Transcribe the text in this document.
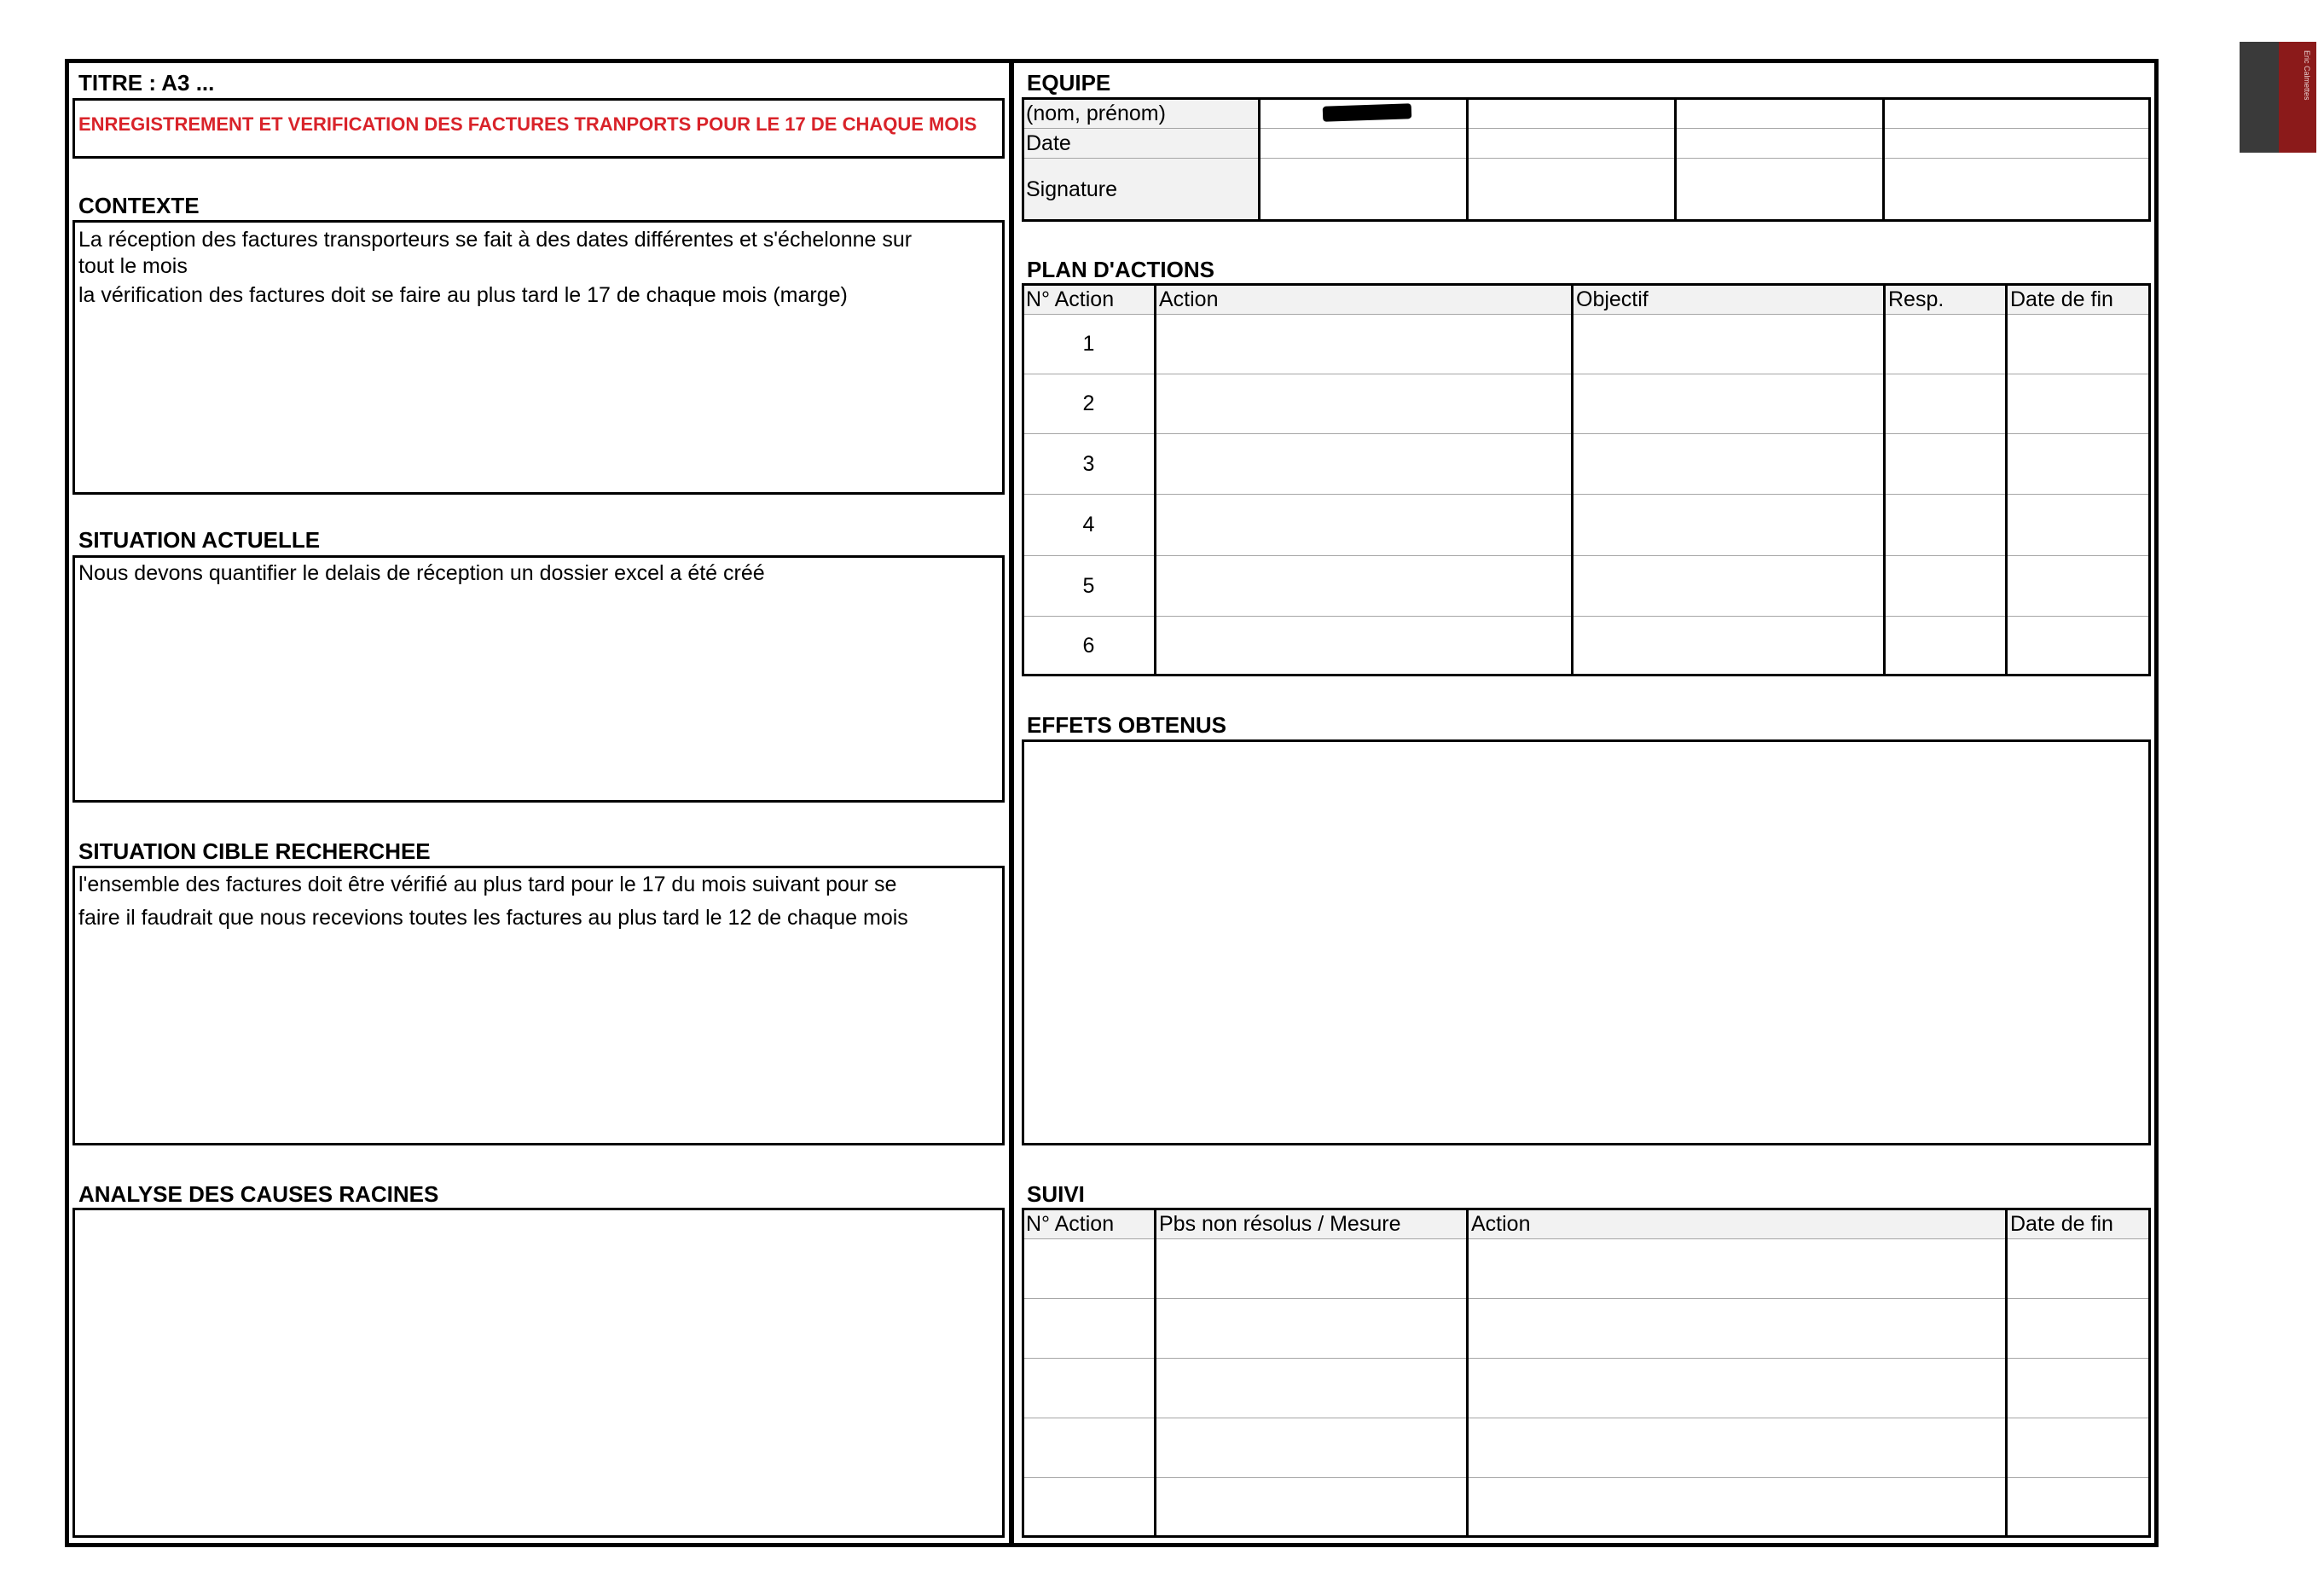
TITRE : A3 ...
ENREGISTREMENT ET VERIFICATION DES FACTURES TRANPORTS POUR LE 17 DE CHAQUE MOIS
CONTEXTE
La réception des factures transporteurs se fait à des dates différentes et s'échelonne sur
tout le mois
la vérification des factures doit se faire au plus tard le 17 de chaque mois (marge)
SITUATION ACTUELLE
Nous devons quantifier le delais de réception un dossier excel a été créé
SITUATION CIBLE RECHERCHEE
l'ensemble des factures doit être vérifié au plus tard pour le 17 du mois suivant pour se
faire il faudrait que nous recevions toutes les factures au plus tard le 12 de chaque mois
ANALYSE DES CAUSES RACINES
EQUIPE
(nom, prénom)				
Date				
Signature				
PLAN D'ACTIONS
N° Action	Action	Objectif	Resp.	Date de fin
1				
2				
3				
4				
5				
6				
EFFETS OBTENUS
SUIVI
N° Action	Pbs non résolus / Mesure	Action	Date de fin

Eric Calmettes
